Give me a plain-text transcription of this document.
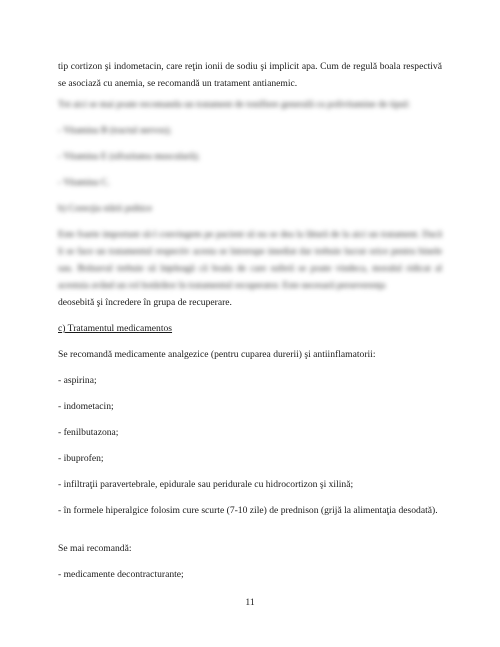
tip cortizon şi indometacin, care reţin ionii de sodiu şi implicit apa. Cum de regulă boala respectivă se asociază cu anemia, se recomandă un tratament antianemic.

Tot aici se mai poate recomanda un tratament de tonifiere generală cu polivitamine de tipul:

- Vitamina B (tractul nervos);

- Vitamina E (sifozitatea musculară);

- Vitamina C.

b) Corecţia stării psihice

Este foarte important să-l convingem pe pacient să nu se dea la lătură de la aici un tratament. Dacă li se face un tratamentul respectiv acesta se întrerupe imediat dar trebuie lucrat orice pentru binele sau. Bolnavul trebuie să înţeleagă că boala de care suferă se poate vindeca, moralul ridicat al acestuia având un rol hotărâtor în tratamentul recuperator. Este necesară perseverenţa

deosebită şi încredere în grupa de recuperare.

c) Tratamentul medicamentos

Se recomandă medicamente analgezice (pentru cuparea durerii) şi antiinflamatorii:

- aspirina;

- indometacin;

- fenilbutazona;

- ibuprofen;

- infiltraţii paravertebrale, epidurale sau peridurale cu hidrocortizon şi xilină;

- în formele hiperalgice folosim cure scurte (7-10 zile) de prednison (grijă la alimentaţia desodată).

Se mai recomandă:

- medicamente decontracturante;

11
